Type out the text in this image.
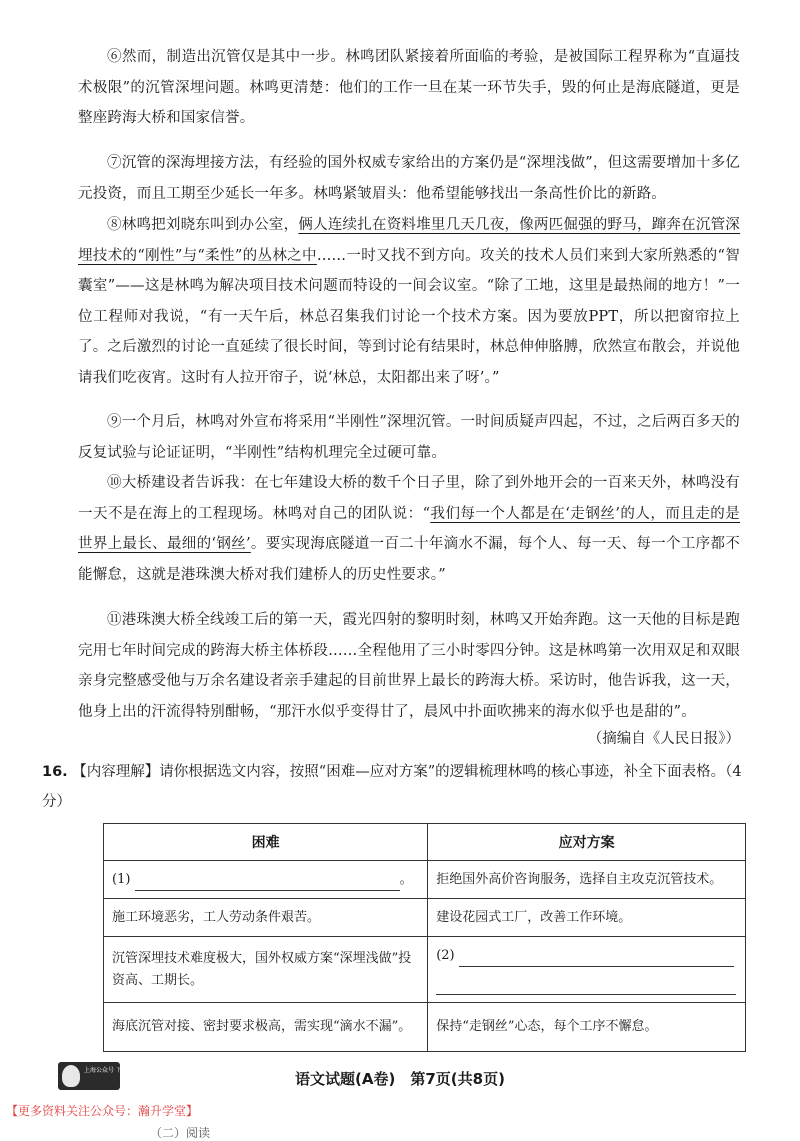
⑥然而，制造出沉管仅是其中一步。林鸣团队紧接着所面临的考验，是被国际工程界称为“直逼技术极限”的沉管深埋问题。林鸣更清楚：他们的工作一旦在某一环节失手，毁的何止是海底隧道，更是整座跨海大桥和国家信誉。
⑦沉管的深海埋接方法，有经验的国外权威专家给出的方案仍是“深埋浅做”，但这需要增加十多亿元投资，而且工期至少延长一年多。林鸣紧皱眉头：他希望能够找出一条高性价比的新路。
⑧林鸣把刘晓东叫到办公室，俩人连续扎在资料堆里几天几夜，像两匹倔强的野马，蹿奔在沉管深埋技术的“刚性”与“柔性”的丛林之中……一时又找不到方向。攻关的技术人员们来到大家所熟悉的“智囊室”——这是林鸣为解决项目技术问题而特设的一间会议室。“除了工地，这里是最热闹的地方！”一位工程师对我说，“有一天午后，林总召集我们讨论一个技术方案。因为要放PPT，所以把窗帘拉上了。之后激烈的讨论一直延续了很长时间，等到讨论有结果时，林总伸伸胳膊，欣然宣布散会，并说他请我们吃夜宵。这时有人拉开帘子，说‘林总，太阳都出来了呀’。”
⑨一个月后，林鸣对外宣布将采用“半刚性”深埋沉管。一时间质疑声四起，不过，之后两百多天的反复试验与论证证明，“半刚性”结构机理完全过硬可靠。
⑩大桥建设者告诉我：在七年建设大桥的数千个日子里，除了到外地开会的一百来天外，林鸣没有一天不是在海上的工程现场。林鸣对自己的团队说：“我们每一个人都是在‘走钢丝’的人，而且走的是世界上最长、最细的‘钢丝’。要实现海底隧道一百二十年滴水不漏，每个人、每一天、每一个工序都不能懈怠，这就是港珠澳大桥对我们建桥人的历史性要求。”
⑪港珠澳大桥全线竣工后的第一天，霞光四射的黎明时刻，林鸣又开始奔跑。这一天他的目标是跑完用七年时间完成的跨海大桥主体桥段……全程他用了三小时零四分钟。这是林鸣第一次用双足和双眼亲身完整感受他与万余名建设者亲手建起的目前世界上最长的跨海大桥。采访时，他告诉我，这一天，他身上出的汗流得特别酣畅，“那汗水似乎变得甘了，晨风中扑面吹拂来的海水似乎也是甜的”。
（摘编自《人民日报》）
16. 【内容理解】请你根据选文内容，按照“困难—应对方案”的逻辑梳理林鸣的核心事迹，补全下面表格。（4分）
困难	应对方案
(1) 。	拒绝国外高价咨询服务，选择自主攻克沉管技术。
施工环境恶劣，工人劳动条件艰苦。	建设花园式工厂，改善工作环境。
沉管深埋技术难度极大，国外权威方案“深埋浅做”投资高、工期长。	(2)

海底沉管对接、密封要求极高，需实现“滴水不漏”。	保持“走钢丝”心态，每个工序不懈怠。
上海公众号 下载本文更	语文试题(A卷)　第7页(共8页)
【更多资料关注公众号：瀚升学堂】
（二）阅读
